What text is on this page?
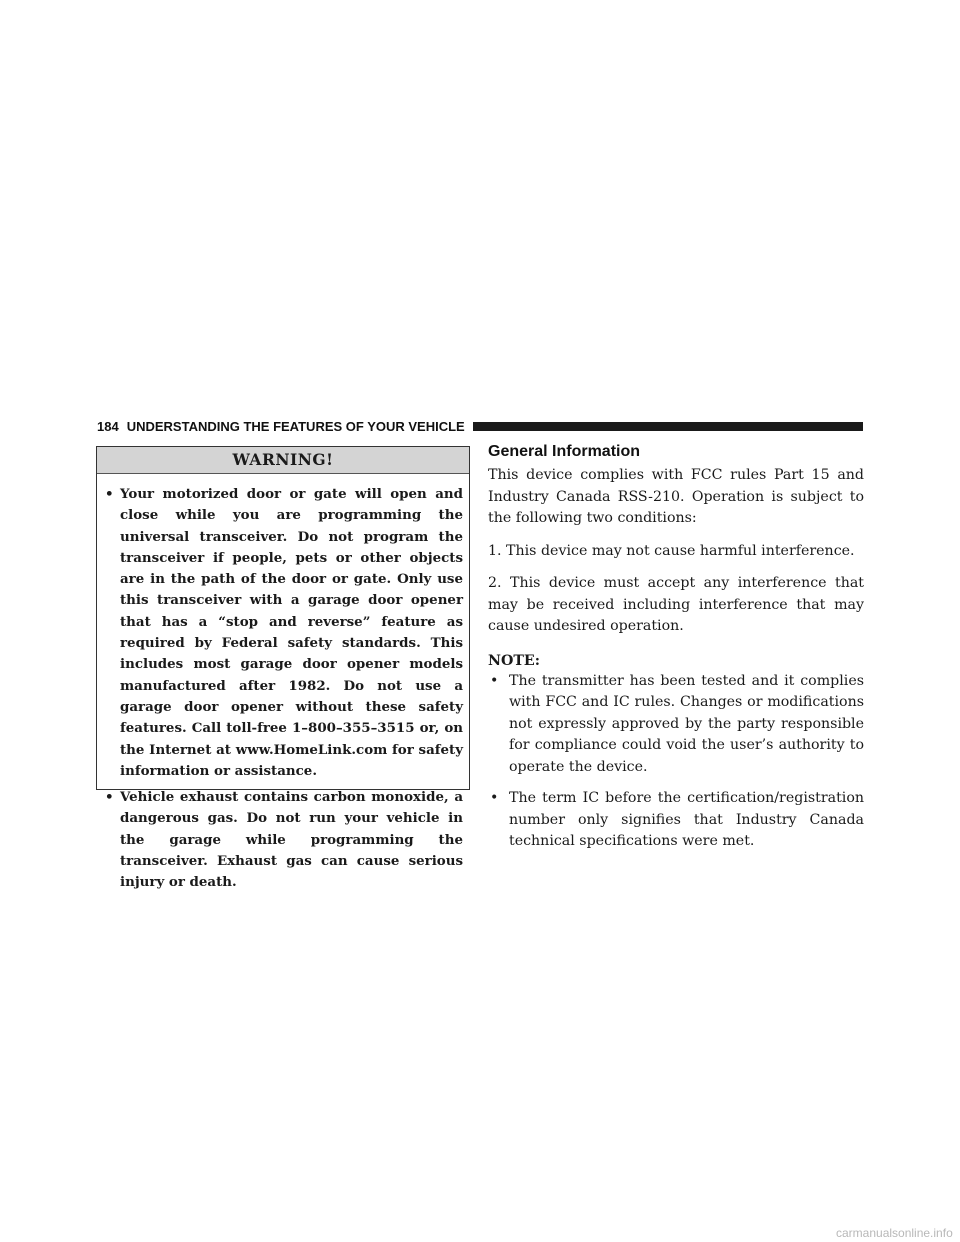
184 UNDERSTANDING THE FEATURES OF YOUR VEHICLE
WARNING!
• Your motorized door or gate will open and close while you are programming the universal transceiver. Do not program the transceiver if people, pets or other objects are in the path of the door or gate. Only use this transceiver with a garage door opener that has a “stop and reverse” feature as required by Federal safety standards. This includes most garage door opener models manufactured after 1982. Do not use a garage door opener without these safety features. Call toll-free 1–800–355–3515 or, on the Internet at www.HomeLink.com for safety information or assistance.
• Vehicle exhaust contains carbon monoxide, a dangerous gas. Do not run your vehicle in the garage while programming the transceiver. Exhaust gas can cause serious injury or death.
General Information

This device complies with FCC rules Part 15 and Industry Canada RSS-210. Operation is subject to the following two conditions:

1. This device may not cause harmful interference.

2. This device must accept any interference that may be received including interference that may cause undesired operation.

NOTE:
• The transmitter has been tested and it complies with FCC and IC rules. Changes or modifications not expressly approved by the party responsible for compliance could void the user’s authority to operate the device.
• The term IC before the certification/registration number only signifies that Industry Canada technical specifications were met.
carmanualsonline.info
